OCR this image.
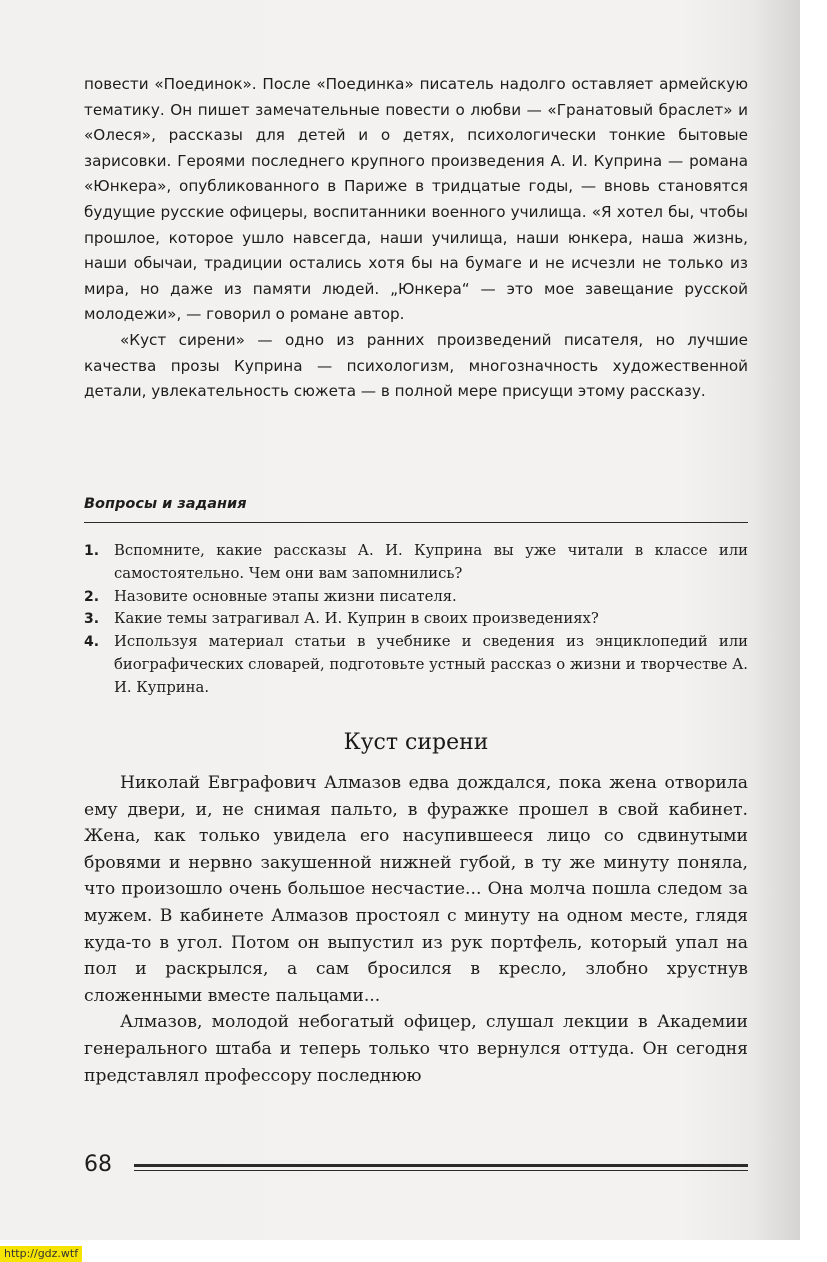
повести «Поединок». После «Поединка» писатель надолго оставляет армейскую тематику. Он пишет замечательные повести о любви — «Гранатовый браслет» и «Олеся», рассказы для детей и о детях, психологически тонкие бытовые зарисовки. Героями последнего крупного произведения А. И. Куприна — романа «Юнкера», опубликованного в Париже в тридцатые годы, — вновь становятся будущие русские офицеры, воспитанники военного училища. «Я хотел бы, чтобы прошлое, которое ушло навсегда, наши училища, наши юнкера, наша жизнь, наши обычаи, традиции остались хотя бы на бумаге и не исчезли не только из мира, но даже из памяти людей. „Юнкера“ — это мое завещание русской молодежи», — говорил о романе автор.

«Куст сирени» — одно из ранних произведений писателя, но лучшие качества прозы Куприна — психологизм, многозначность художественной детали, увлекательность сюжета — в полной мере присущи этому рассказу.

Вопросы и задания
1. Вспомните, какие рассказы А. И. Куприна вы уже читали в классе или самостоятельно. Чем они вам запомнились?
2. Назовите основные этапы жизни писателя.
3. Какие темы затрагивал А. И. Куприн в своих произведениях?
4. Используя материал статьи в учебнике и сведения из энциклопедий или биографических словарей, подготовьте устный рассказ о жизни и творчестве А. И. Куприна.
Куст сирени

Николай Евграфович Алмазов едва дождался, пока жена отворила ему двери, и, не снимая пальто, в фуражке прошел в свой кабинет. Жена, как только увидела его насупившееся лицо со сдвинутыми бровями и нервно закушенной нижней губой, в ту же минуту поняла, что произошло очень большое несчастие... Она молча пошла следом за мужем. В кабинете Алмазов простоял с минуту на одном месте, глядя куда-то в угол. Потом он выпустил из рук портфель, который упал на пол и раскрылся, а сам бросился в кресло, злобно хрустнув сложенными вместе пальцами...

Алмазов, молодой небогатый офицер, слушал лекции в Академии генерального штаба и теперь только что вернулся оттуда. Он сегодня представлял профессору последнюю

68
http://gdz.wtf
